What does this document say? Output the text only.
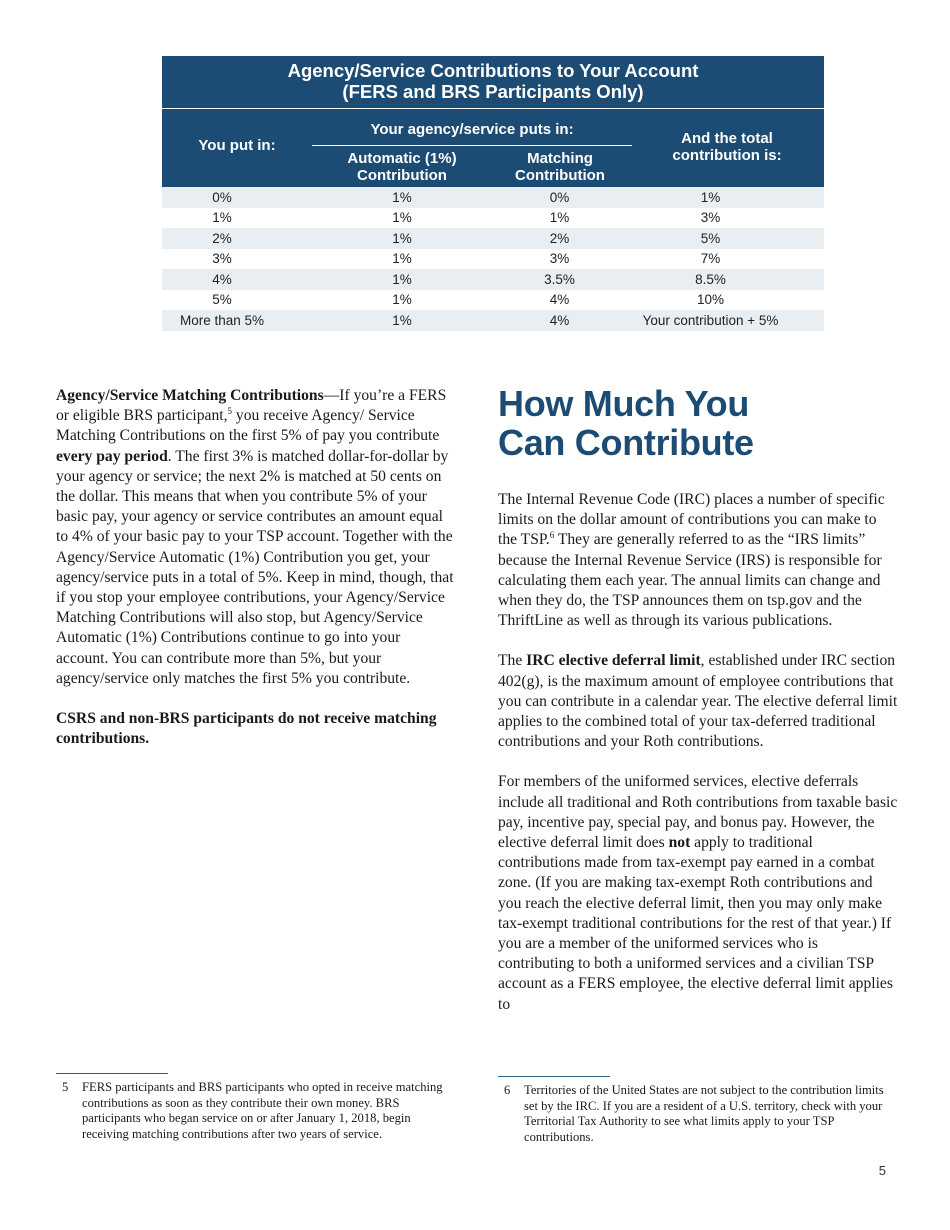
Agency/Service Contributions to Your Account
(FERS and BRS Participants Only)
You put in:
Your agency/service puts in:
Automatic (1%)
Contribution
Matching
Contribution
And the total
contribution is:
0%	1%	0%	1%
1%	1%	1%	3%
2%	1%	2%	5%
3%	1%	3%	7%
4%	1%	3.5%	8.5%
5%	1%	4%	10%
More than 5%	1%	4%	Your contribution + 5%

Agency/Service Matching Contributions—If you’re a FERS or eligible BRS participant,$^5$ you receive Agency/ Service Matching Contributions on the first 5% of pay you contribute every pay period. The first 3% is matched dollar-for-dollar by your agency or service; the next 2% is matched at 50 cents on the dollar. This means that when you contribute 5% of your basic pay, your agency or service contributes an amount equal to 4% of your basic pay to your TSP account. Together with the Agency/Service Automatic (1%) Contribution you get, your agency/service puts in a total of 5%. Keep in mind, though, that if you stop your employee contributions, your Agency/Service Matching Contributions will also stop, but Agency/Service Automatic (1%) Contributions continue to go into your account. You can contribute more than 5%, but your agency/service only matches the first 5% you contribute.

CSRS and non-BRS participants do not receive matching contributions.

How Much You
Can Contribute

The Internal Revenue Code (IRC) places a number of specific limits on the dollar amount of contributions you can make to the TSP.$^6$ They are generally referred to as the “IRS limits” because the Internal Revenue Service (IRS) is responsible for calculating them each year. The annual limits can change and when they do, the TSP announces them on tsp.gov and the ThriftLine as well as through its various publications.

The IRC elective deferral limit, established under IRC section 402(g), is the maximum amount of employee contributions that you can contribute in a calendar year. The elective deferral limit applies to the combined total of your tax-deferred traditional contributions and your Roth contributions.

For members of the uniformed services, elective deferrals include all traditional and Roth contributions from taxable basic pay, incentive pay, special pay, and bonus pay. However, the elective deferral limit does not apply to traditional contributions made from tax-exempt pay earned in a combat zone. (If you are making tax-exempt Roth contributions and you reach the elective deferral limit, then you may only make tax-exempt traditional contributions for the rest of that year.) If you are a member of the uniformed services who is contributing to both a uniformed services and a civilian TSP account as a FERS employee, the elective deferral limit applies to

5	FERS participants and BRS participants who opted in receive matching contributions as soon as they contribute their own money. BRS participants who began service on or after January 1, 2018, begin receiving matching contributions after two years of service.
6	Territories of the United States are not subject to the contribution limits set by the IRC. If you are a resident of a U.S. territory, check with your Territorial Tax Authority to see what limits apply to your TSP contributions.
5
